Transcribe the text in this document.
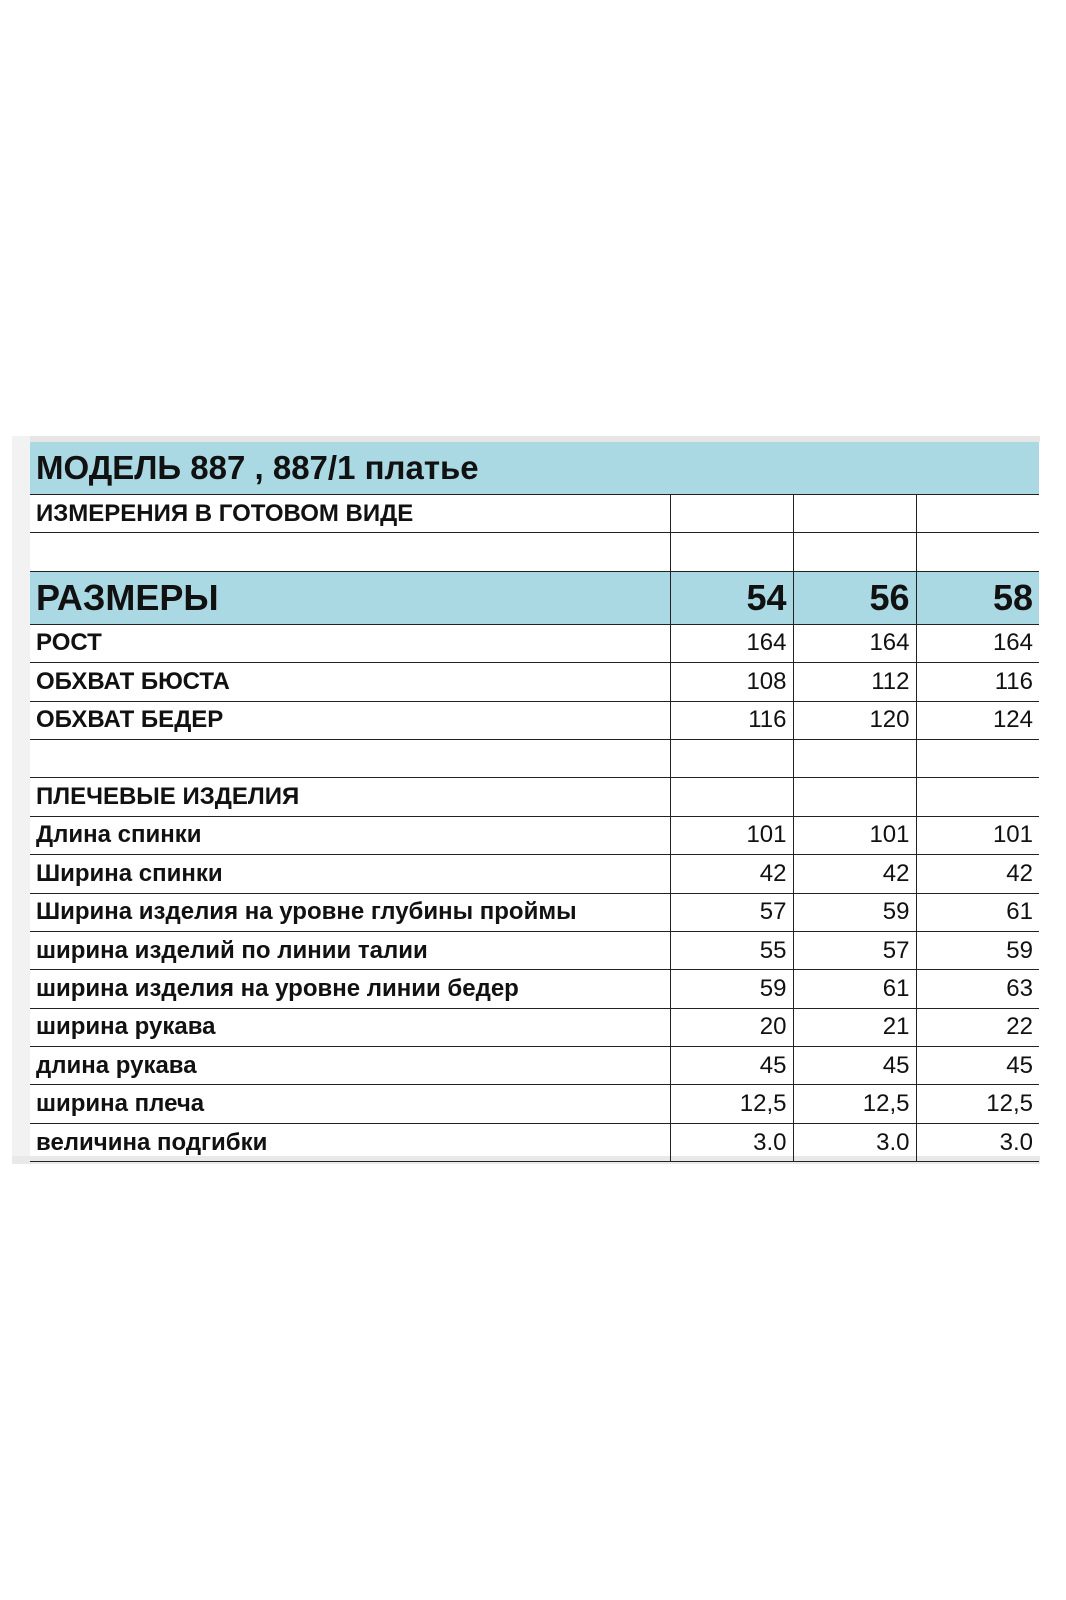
МОДЕЛЬ 887 , 887/1 платье			
ИЗМЕРЕНИЯ В ГОТОВОМ ВИДЕ			

РАЗМЕРЫ	54	56	58
РОСТ	164	164	164
ОБХВАТ БЮСТА	108	112	116
ОБХВАТ БЕДЕР	116	120	124

ПЛЕЧЕВЫЕ ИЗДЕЛИЯ			
Длина спинки	101	101	101
Ширина спинки	42	42	42
Ширина изделия на уровне глубины проймы	57	59	61
ширина изделий по линии талии	55	57	59
ширина изделия на уровне линии бедер	59	61	63
ширина рукава	20	21	22
длина рукава	45	45	45
ширина плеча	12,5	12,5	12,5
величина подгибки	3.0	3.0	3.0
